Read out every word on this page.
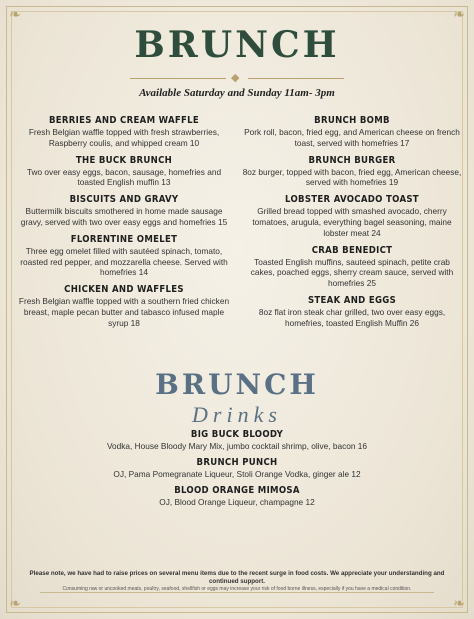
❧	❧
❧	❧
BRUNCH
◆
Available Saturday and Sunday 11am- 3pm
BERRIES AND CREAM WAFFLE
Fresh Belgian waffle topped with fresh strawberries, Raspberry coulis, and whipped cream 10
THE BUCK BRUNCH
Two over easy eggs, bacon, sausage, homefries and toasted English muffin 13
BISCUITS AND GRAVY
Buttermilk biscuits smothered in home made sausage gravy, served with two over easy eggs and homefries 15
FLORENTINE OMELET
Three egg omelet filled with sautéed spinach, tomato, roasted red pepper, and mozzarella cheese. Served with homefries 14
CHICKEN AND WAFFLES
Fresh Belgian waffle topped with a southern fried chicken breast, maple pecan butter and tabasco infused maple syrup 18
BRUNCH BOMB
Pork roll, bacon, fried egg, and American cheese on french toast, served with homefries 17
BRUNCH BURGER
8oz burger, topped with bacon, fried egg, American cheese, served with homefries 19
LOBSTER AVOCADO TOAST
Grilled bread topped with smashed avocado, cherry tomatoes, arugula, everything bagel seasoning, maine lobster meat 24
CRAB BENEDICT
Toasted English muffins, sauteed spinach, petite crab cakes, poached eggs, sherry cream sauce, served with homefries 25
STEAK AND EGGS
8oz flat iron steak char grilled, two over easy eggs, homefries, toasted English Muffin 26
BRUNCH
Drinks
BIG BUCK BLOODY
Vodka, House Bloody Mary Mix, jumbo cocktail shrimp, olive, bacon 16
BRUNCH PUNCH
OJ, Pama Pomegranate Liqueur, Stoli Orange Vodka, ginger ale 12
BLOOD ORANGE MIMOSA
OJ, Blood Orange Liqueur, champagne 12
Please note, we have had to raise prices on several menu items due to the recent surge in food costs. We appreciate your understanding and continued support.
Consuming raw or uncooked meats, poultry, seafood, shellfish or eggs may increase your risk of food borne illness, especially if you have a medical condition.
